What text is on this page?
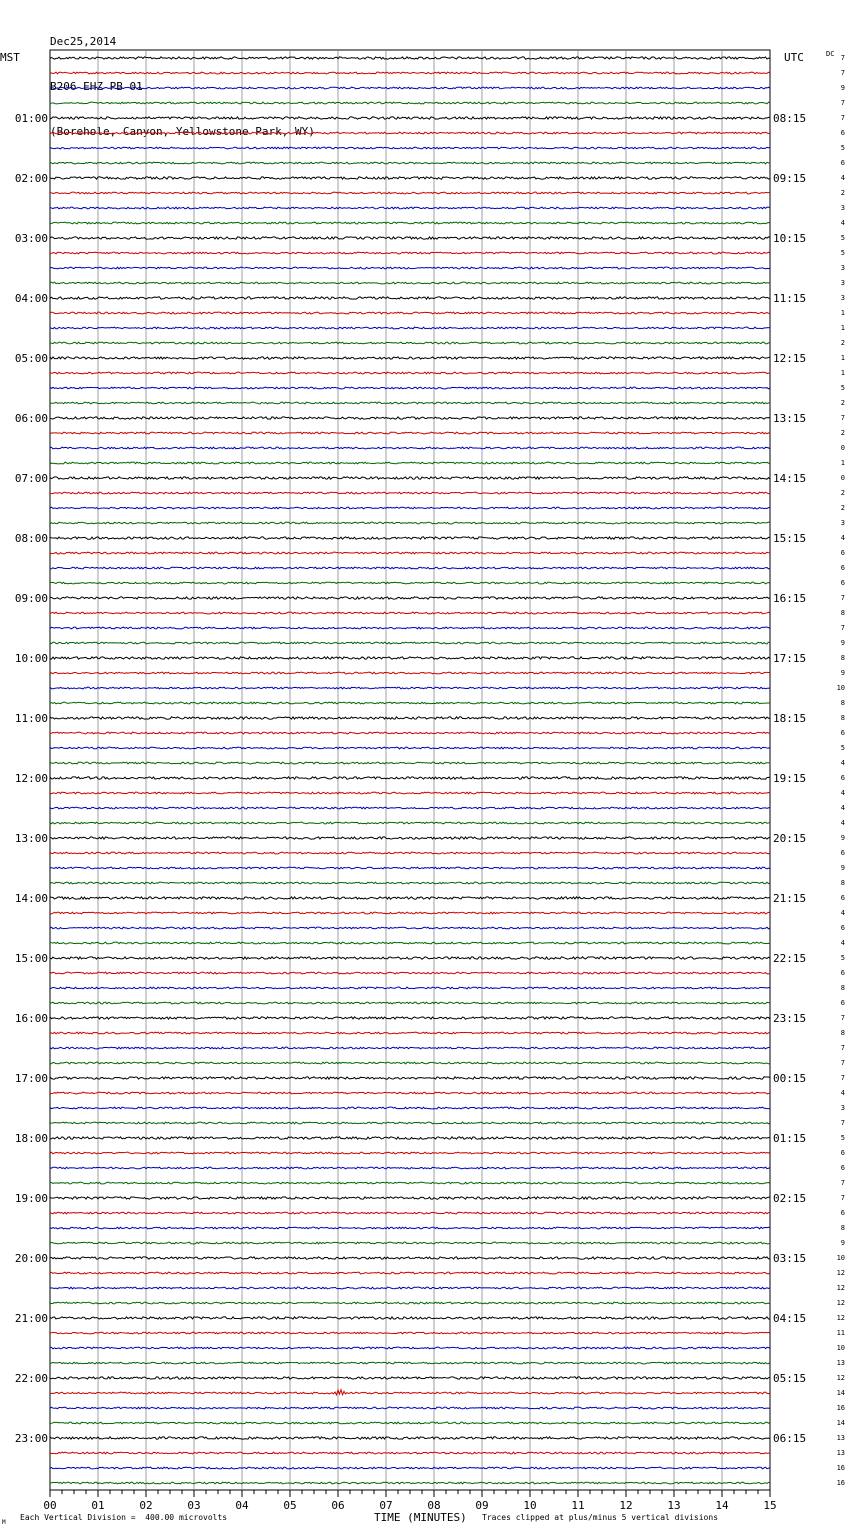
Dec25,2014

B206 EHZ PB 01

(Borehole, Canyon, Yellowstone Park, WY)

00	01	02	03	04	05	06	07	08	09	10	11	12	13	14	15
7
7
9
7
7
6
5
6
4
2
3
4
5
5
3
3
3
1
1
2
1
1
5
2
7
2
0
1
0
2
2
3
4
6
6
6
7
8
7
9
8
9
10
8
8
6
5
4
6
4
4
4
9
6
9
8
6
4
6
4
5
6
8
6
7
8
7
7
7
4
3
7
5
6
6
7
7
6
8
9
10
12
12
12
12
11
10
13
12
14
16
14
13
13
16
16
01:00
02:00
03:00
04:00
05:00
06:00
07:00
08:00
09:00
10:00
11:00
12:00
13:00
14:00
15:00
16:00
17:00
18:00
19:00
20:00
21:00
22:00
23:00
08:15
09:15
10:15
11:15
12:15
13:15
14:15
15:15
16:15
17:15
18:15
19:15
20:15
21:15
22:15
23:15
00:15
01:15
02:15
03:15
04:15
05:15
06:15
MST	UTC	DC
Each Vertical Division =  400.00 microvolts	TIME (MINUTES) Traces clipped at plus/minus 5 vertical divisions
M
